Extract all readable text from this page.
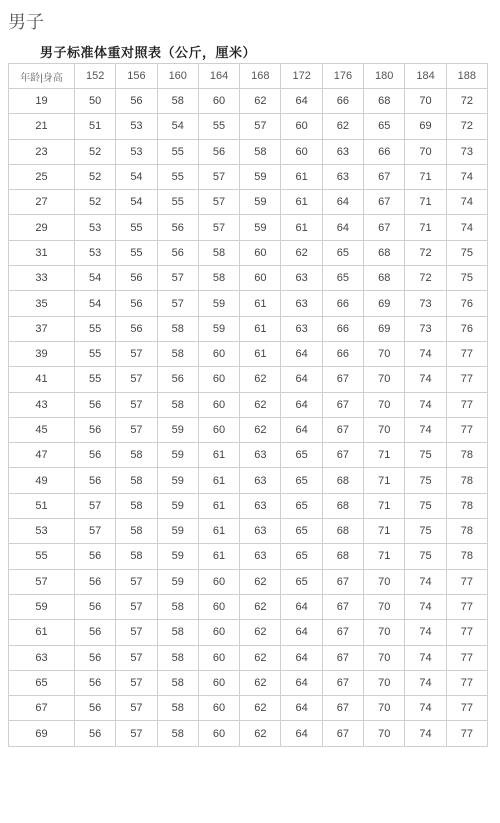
男子
男子标准体重对照表（公斤，厘米）
年龄|身高	152	156	160	164	168	172	176	180	184	188
19	50	56	58	60	62	64	66	68	70	72
21	51	53	54	55	57	60	62	65	69	72
23	52	53	55	56	58	60	63	66	70	73
25	52	54	55	57	59	61	63	67	71	74
27	52	54	55	57	59	61	64	67	71	74
29	53	55	56	57	59	61	64	67	71	74
31	53	55	56	58	60	62	65	68	72	75
33	54	56	57	58	60	63	65	68	72	75
35	54	56	57	59	61	63	66	69	73	76
37	55	56	58	59	61	63	66	69	73	76
39	55	57	58	60	61	64	66	70	74	77
41	55	57	56	60	62	64	67	70	74	77
43	56	57	58	60	62	64	67	70	74	77
45	56	57	59	60	62	64	67	70	74	77
47	56	58	59	61	63	65	67	71	75	78
49	56	58	59	61	63	65	68	71	75	78
51	57	58	59	61	63	65	68	71	75	78
53	57	58	59	61	63	65	68	71	75	78
55	56	58	59	61	63	65	68	71	75	78
57	56	57	59	60	62	65	67	70	74	77
59	56	57	58	60	62	64	67	70	74	77
61	56	57	58	60	62	64	67	70	74	77
63	56	57	58	60	62	64	67	70	74	77
65	56	57	58	60	62	64	67	70	74	77
67	56	57	58	60	62	64	67	70	74	77
69	56	57	58	60	62	64	67	70	74	77
